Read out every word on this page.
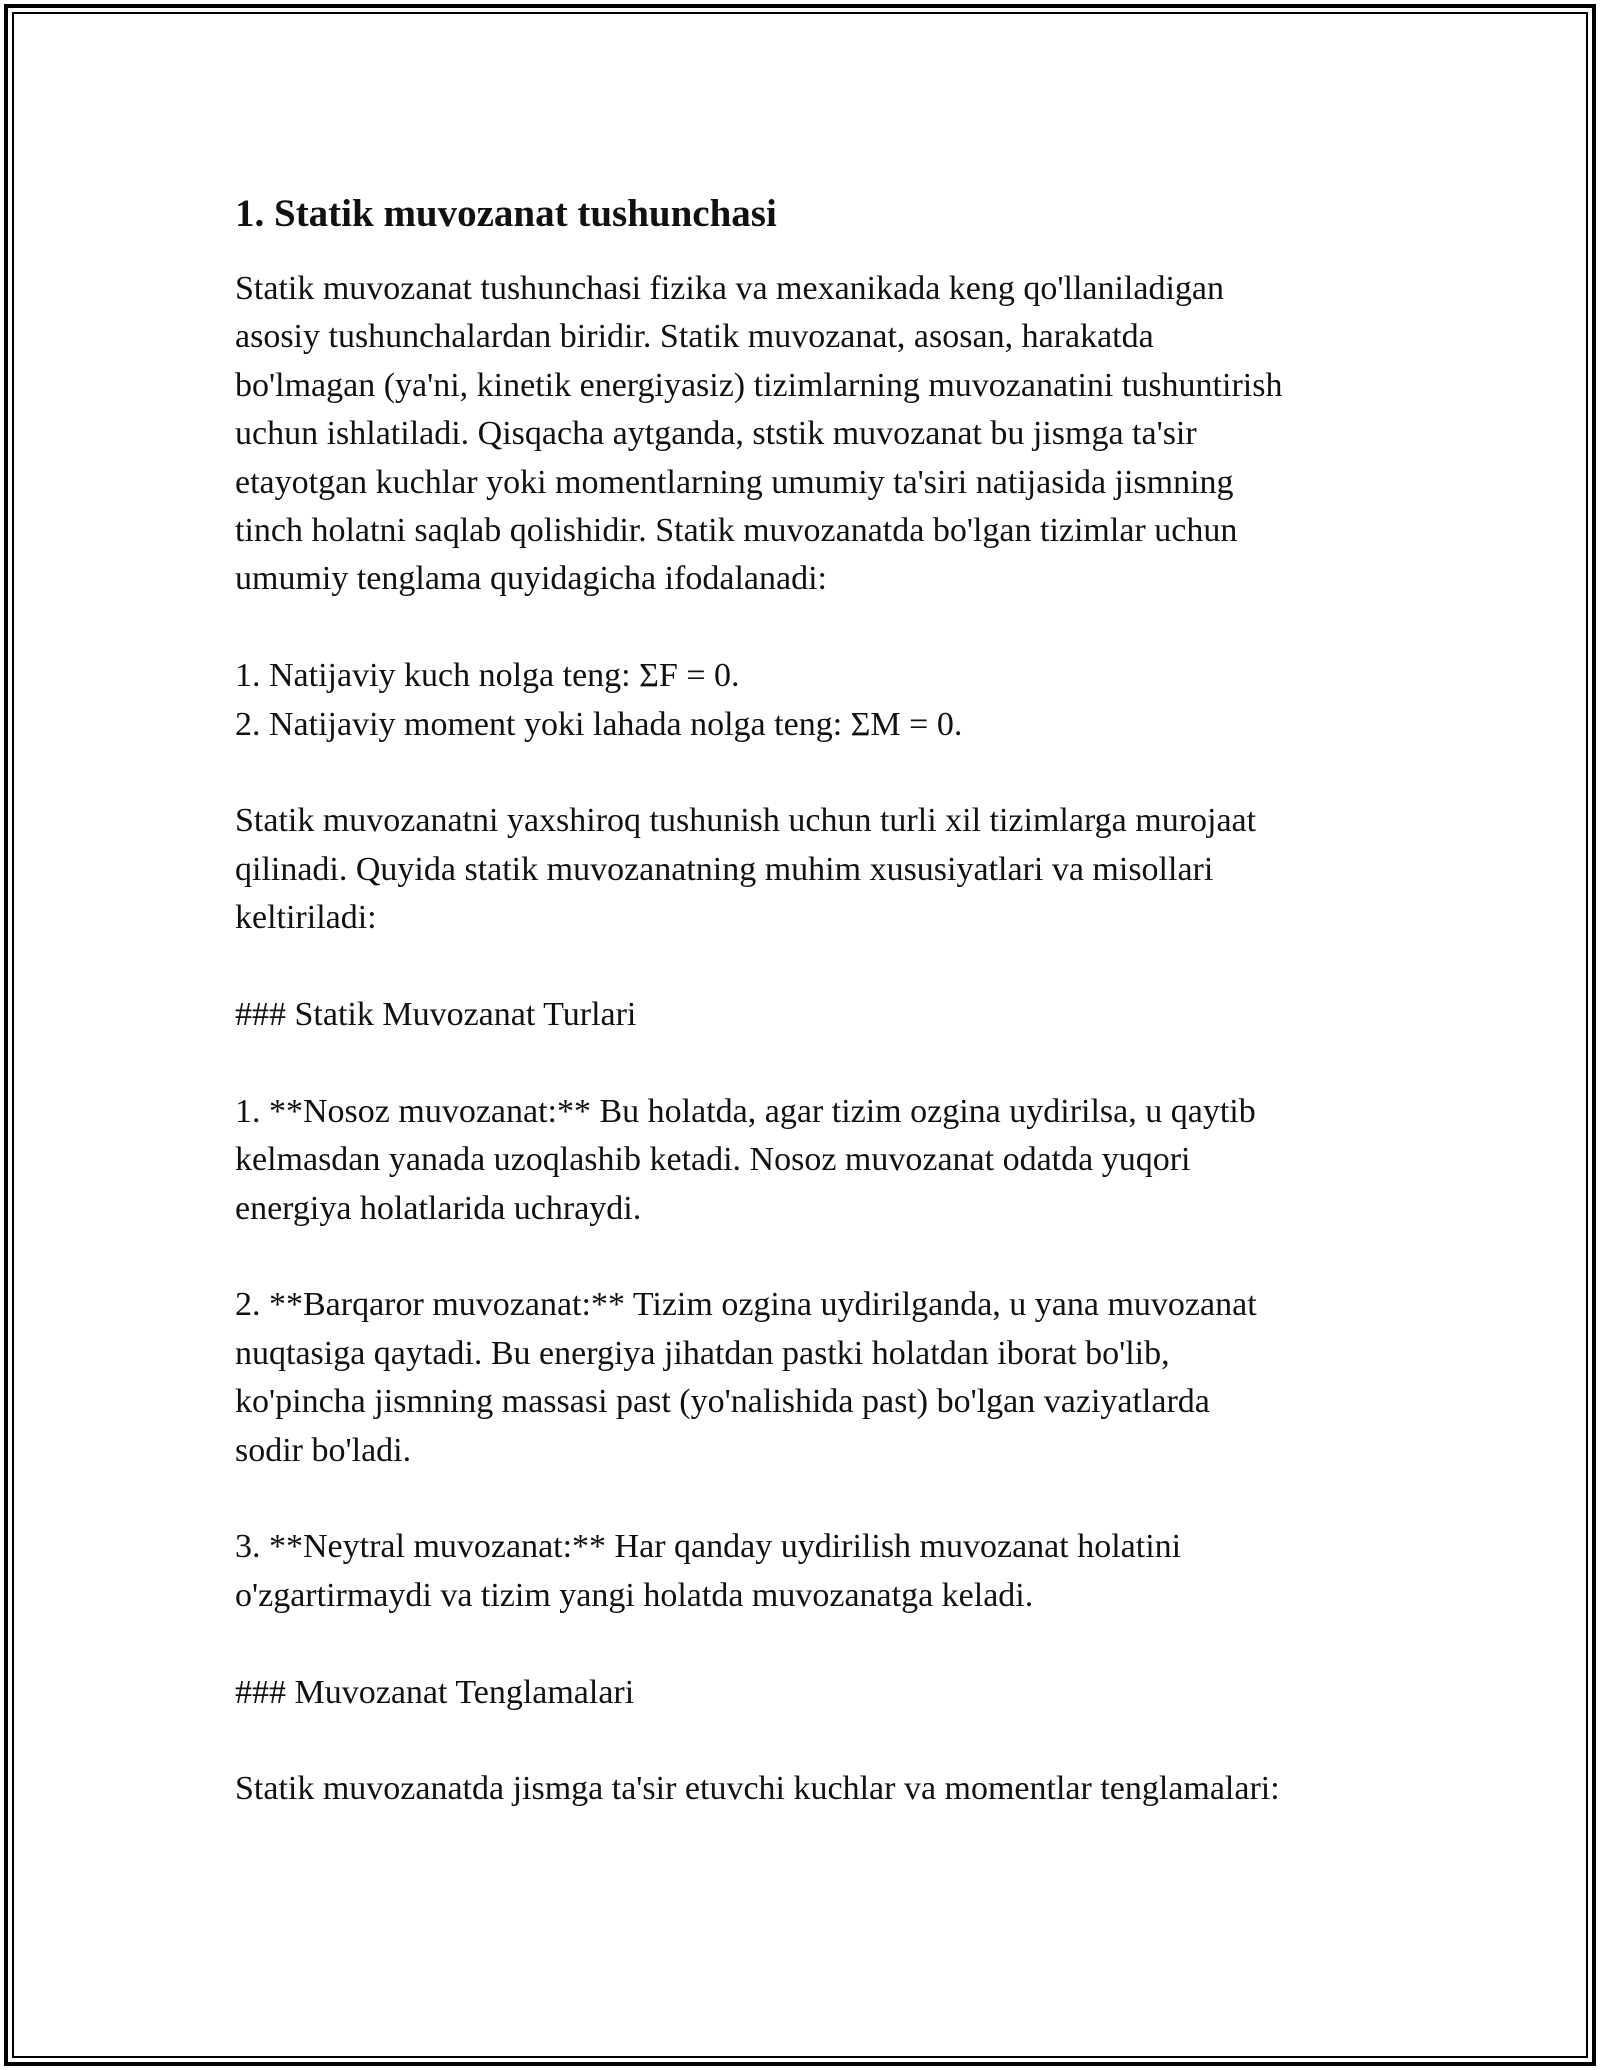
1. Statik muvozanat tushunchasi
Statik muvozanat tushunchasi fizika va mexanikada keng qo'llaniladigan
asosiy tushunchalardan biridir. Statik muvozanat, asosan, harakatda
bo'lmagan (ya'ni, kinetik energiyasiz) tizimlarning muvozanatini tushuntirish
uchun ishlatiladi. Qisqacha aytganda, ststik muvozanat bu jismga ta'sir
etayotgan kuchlar yoki momentlarning umumiy ta'siri natijasida jismning
tinch holatni saqlab qolishidir. Statik muvozanatda bo'lgan tizimlar uchun
umumiy tenglama quyidagicha ifodalanadi:
1. Natijaviy kuch nolga teng: ΣF = 0.
2. Natijaviy moment yoki lahada nolga teng: ΣM = 0.
Statik muvozanatni yaxshiroq tushunish uchun turli xil tizimlarga murojaat
qilinadi. Quyida statik muvozanatning muhim xususiyatlari va misollari
keltiriladi:
### Statik Muvozanat Turlari
1. **Nosoz muvozanat:** Bu holatda, agar tizim ozgina uydirilsa, u qaytib
kelmasdan yanada uzoqlashib ketadi. Nosoz muvozanat odatda yuqori
energiya holatlarida uchraydi.
2. **Barqaror muvozanat:** Tizim ozgina uydirilganda, u yana muvozanat
nuqtasiga qaytadi. Bu energiya jihatdan pastki holatdan iborat bo'lib,
ko'pincha jismning massasi past (yo'nalishida past) bo'lgan vaziyatlarda
sodir bo'ladi.
3. **Neytral muvozanat:** Har qanday uydirilish muvozanat holatini
o'zgartirmaydi va tizim yangi holatda muvozanatga keladi.
### Muvozanat Tenglamalari
Statik muvozanatda jismga ta'sir etuvchi kuchlar va momentlar tenglamalari:
